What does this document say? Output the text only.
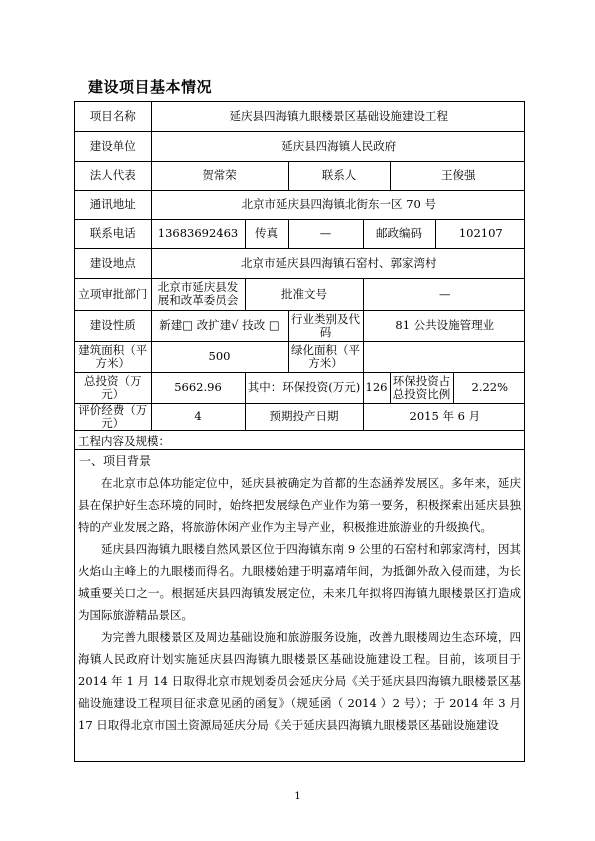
建设项目基本情况
项目名称	延庆县四海镇九眼楼景区基础设施建设工程						
建设单位	延庆县四海镇人民政府						
法人代表	贺常荣		联系人		王俊强		
通讯地址	北京市延庆县四海镇北街东一区 70 号						
联系电话	13683692463	传真	—	邮政编码		102107	
建设地点	北京市延庆县四海镇石窑村、郭家湾村						
立项审批部门	北京市延庆县发展和改革委员会	批准文号		—			
建设性质	新建□ 改扩建√ 技改 □		行业类别及代码	81 公共设施管理业			
建筑面积（平方米）	500		绿化面积（平方米）				
总投资（万元）	5662.96	其中：环保投资(万元)		126	环保投资占总投资比例		2.22%
评价经费（万元）	4	预期投产日期		2015 年 6 月			
工程内容及规模：
一、项目背景

在北京市总体功能定位中，延庆县被确定为首都的生态涵养发展区。多年来，延庆县在保护好生态环境的同时，始终把发展绿色产业作为第一要务，积极探索出延庆县独特的产业发展之路，将旅游休闲产业作为主导产业，积极推进旅游业的升级换代。

延庆县四海镇九眼楼自然风景区位于四海镇东南 9 公里的石窑村和郭家湾村，因其火焰山主峰上的九眼楼而得名。九眼楼始建于明嘉靖年间，为抵御外敌入侵而建，为长城重要关口之一。根据延庆县四海镇发展定位，未来几年拟将四海镇九眼楼景区打造成为国际旅游精品景区。

为完善九眼楼景区及周边基础设施和旅游服务设施，改善九眼楼周边生态环境，四海镇人民政府计划实施延庆县四海镇九眼楼景区基础设施建设工程。目前，该项目于 2014 年 1 月 14 日取得北京市规划委员会延庆分局《关于延庆县四海镇九眼楼景区基础设施建设工程项目征求意见函的函复》（规延函（ 2014 ）2 号）；于 2014 年 3 月 17 日取得北京市国土资源局延庆分局《关于延庆县四海镇九眼楼景区基础设施建设

1
